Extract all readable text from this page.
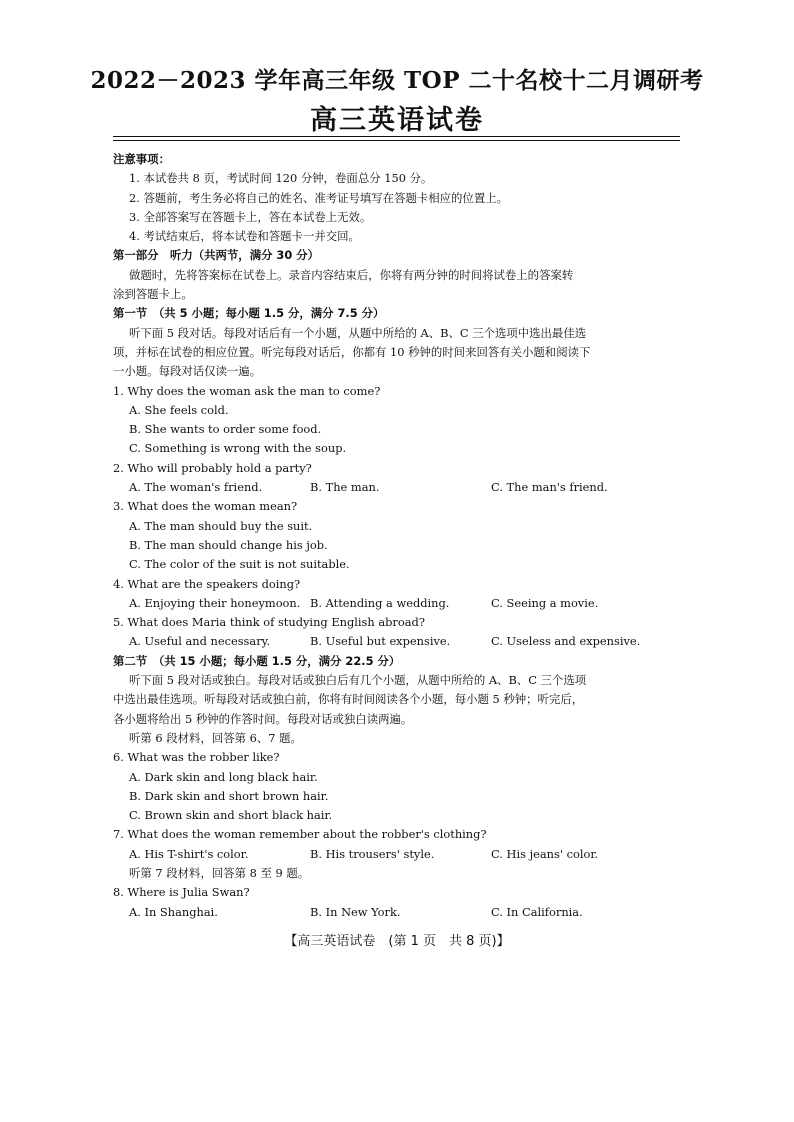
2022－2023 学年高三年级 TOP 二十名校十二月调研考
高三英语试卷
注意事项：
1. 本试卷共 8 页，考试时间 120 分钟，卷面总分 150 分。
2. 答题前，考生务必将自己的姓名、准考证号填写在答题卡相应的位置上。
3. 全部答案写在答题卡上，答在本试卷上无效。
4. 考试结束后，将本试卷和答题卡一并交回。
第一部分　听力（共两节，满分 30 分）
做题时，先将答案标在试卷上。录音内容结束后，你将有两分钟的时间将试卷上的答案转
涂到答题卡上。
第一节　（共 5 小题；每小题 1.5 分，满分 7.5 分）
听下面 5 段对话。每段对话后有一个小题，从题中所给的 A、B、C 三个选项中选出最佳选
项，并标在试卷的相应位置。听完每段对话后，你都有 10 秒钟的时间来回答有关小题和阅读下
一小题。每段对话仅读一遍。
1. Why does the woman ask the man to come?
A. She feels cold.
B. She wants to order some food.
C. Something is wrong with the soup.
2. Who will probably hold a party?
A. The woman's friend.	B. The man.	C. The man's friend.
3. What does the woman mean?
A. The man should buy the suit.
B. The man should change his job.
C. The color of the suit is not suitable.
4. What are the speakers doing?
A. Enjoying their honeymoon. B. Attending a wedding.	C. Seeing a movie.
5. What does Maria think of studying English abroad?
A. Useful and necessary.	B. Useful but expensive.	C. Useless and expensive.
第二节　（共 15 小题；每小题 1.5 分，满分 22.5 分）
听下面 5 段对话或独白。每段对话或独白后有几个小题，从题中所给的 A、B、C 三个选项
中选出最佳选项。听每段对话或独白前，你将有时间阅读各个小题，每小题 5 秒钟；听完后，
各小题将给出 5 秒钟的作答时间。每段对话或独白读两遍。
听第 6 段材料，回答第 6、7 题。
6. What was the robber like?
A. Dark skin and long black hair.
B. Dark skin and short brown hair.
C. Brown skin and short black hair.
7. What does the woman remember about the robber's clothing?
A. His T-shirt's color.	B. His trousers' style.	C. His jeans' color.
听第 7 段材料，回答第 8 至 9 题。
8. Where is Julia Swan?
A. In Shanghai.	B. In New York.	C. In California.
【高三英语试卷　(第 1 页　共 8 页)】
